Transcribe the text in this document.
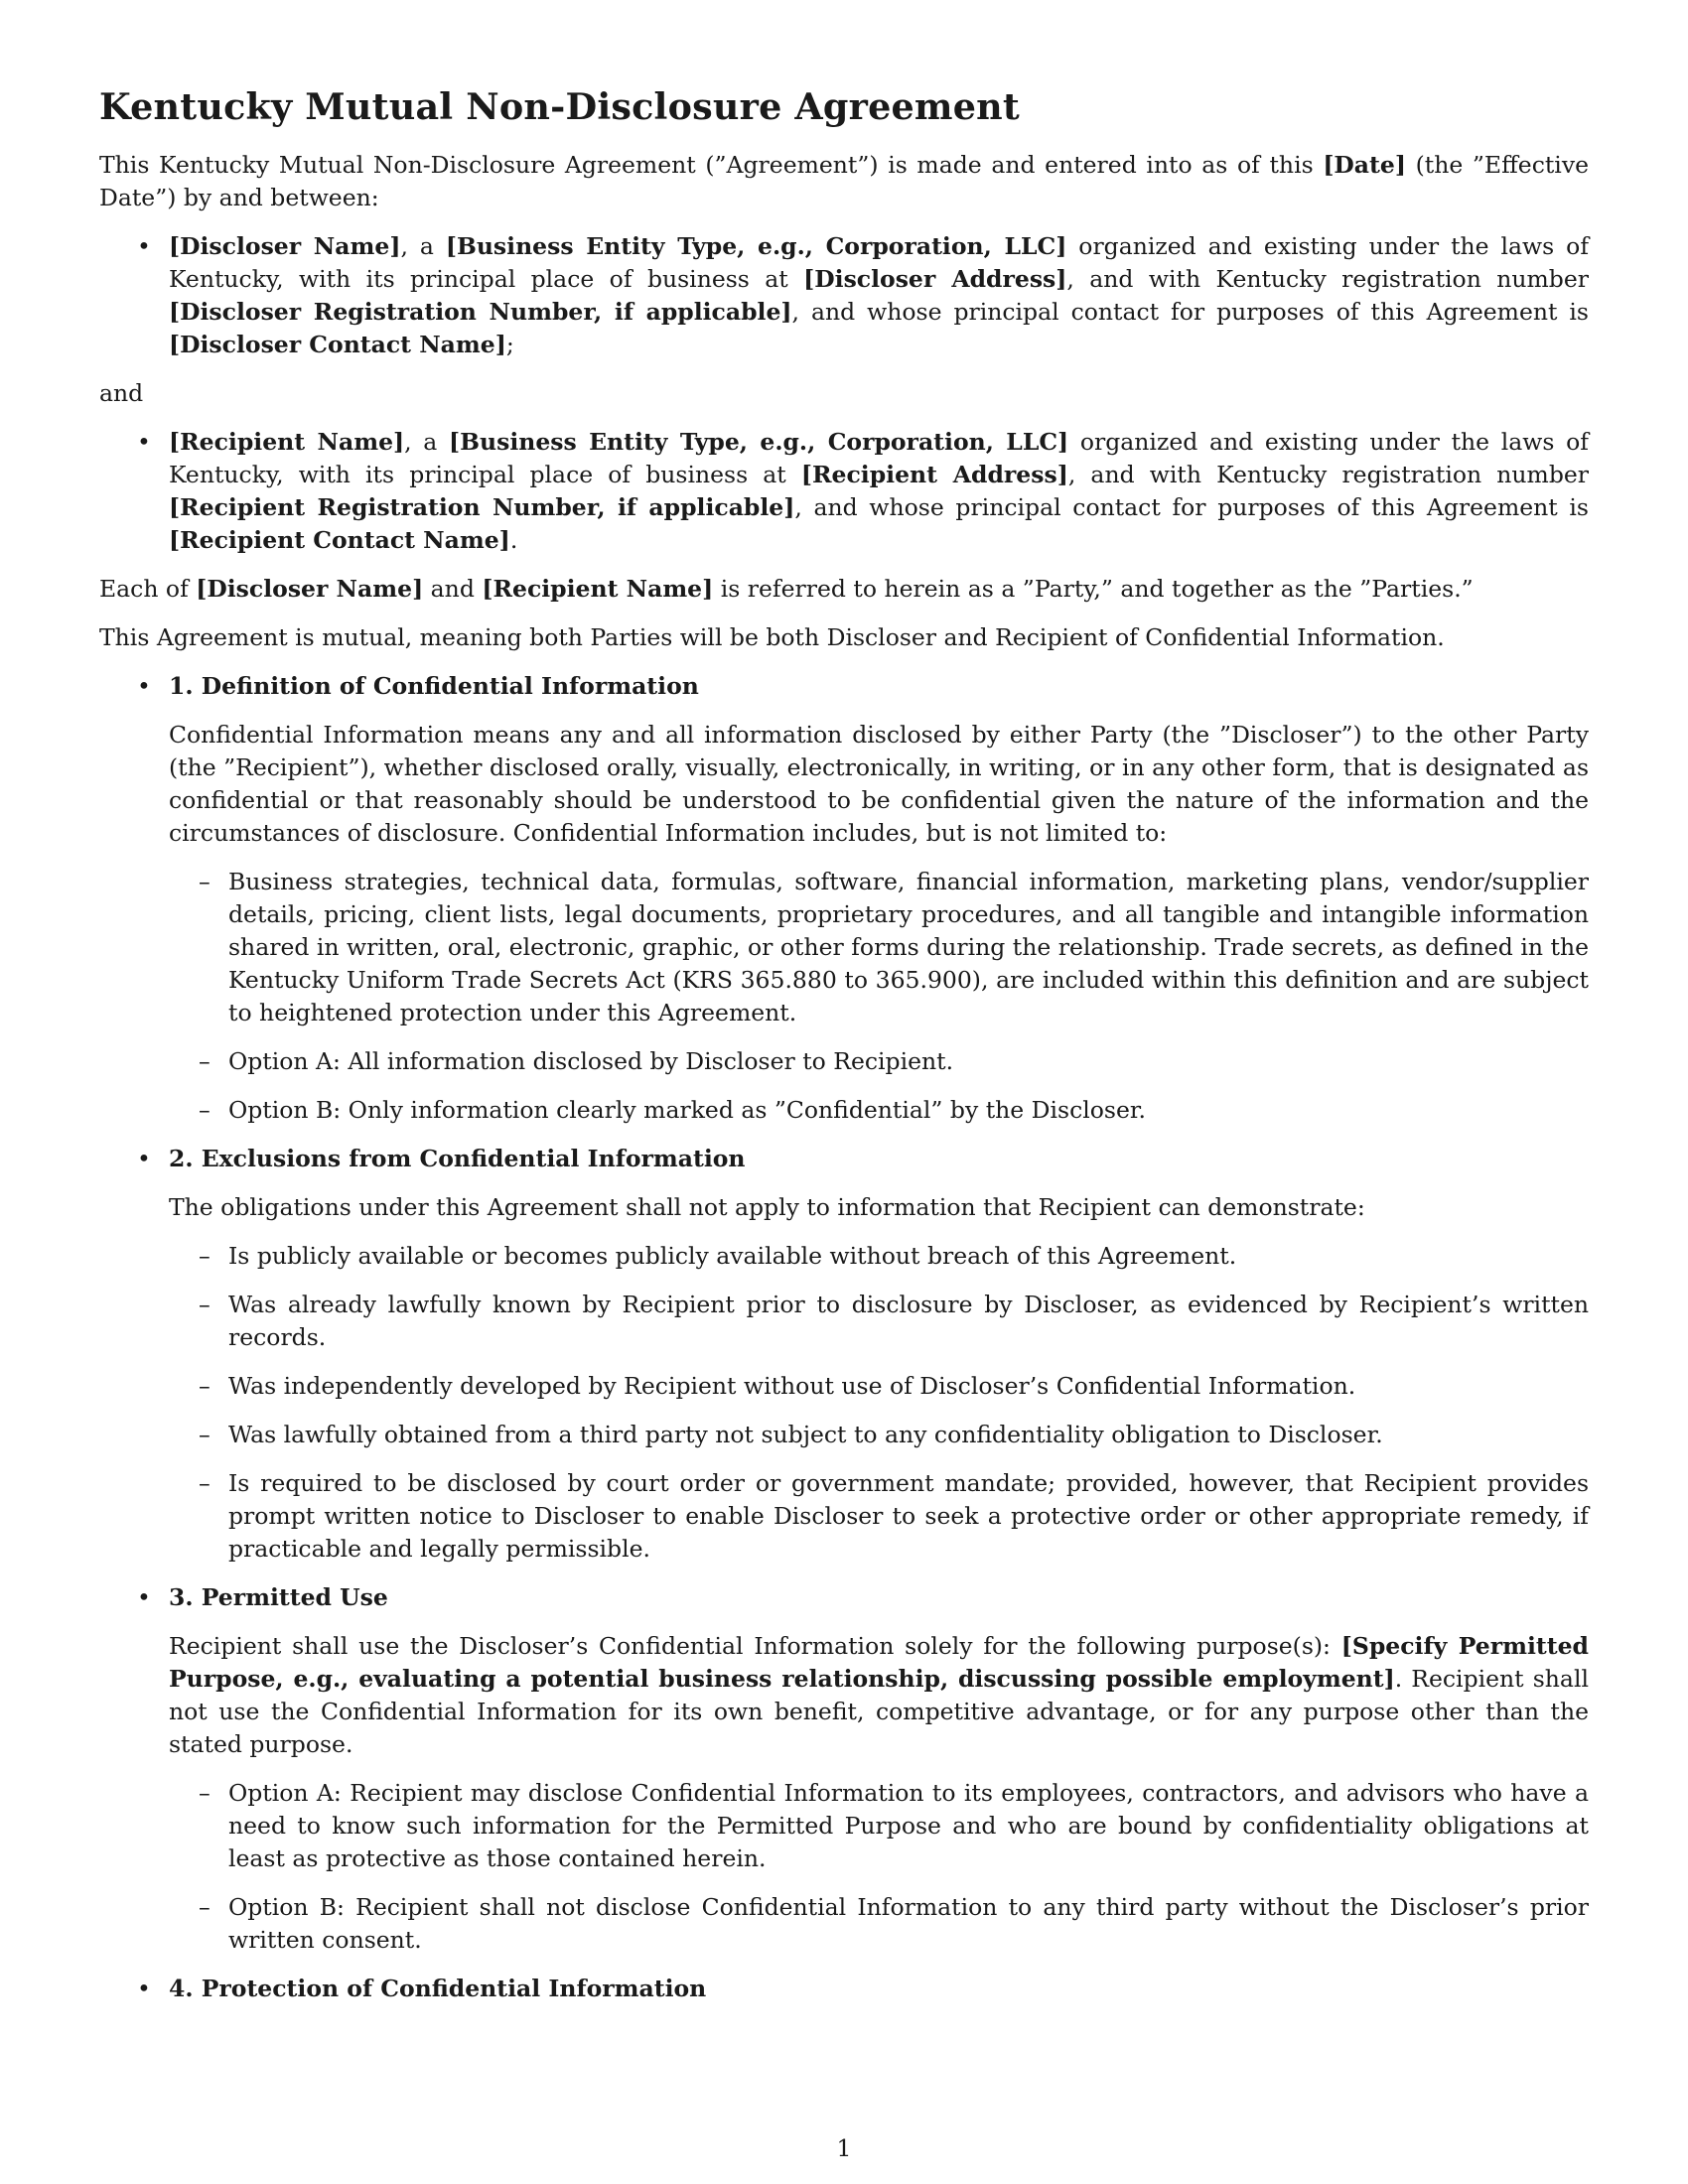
Kentucky Mutual Non-Disclosure Agreement

This Kentucky Mutual Non-Disclosure Agreement (”Agreement”) is made and entered into as of this [Date] (the ”Effective Date”) by and between:

• [Discloser Name], a [Business Entity Type, e.g., Corporation, LLC] organized and existing under the laws of Kentucky, with its principal place of business at [Discloser Address], and with Kentucky registration number [Discloser Registration Number, if applicable], and whose principal contact for purposes of this Agreement is [Discloser Contact Name];

and

• [Recipient Name], a [Business Entity Type, e.g., Corporation, LLC] organized and existing under the laws of Kentucky, with its principal place of business at [Recipient Address], and with Kentucky registration number [Recipient Registration Number, if applicable], and whose principal contact for purposes of this Agreement is [Recipient Contact Name].

Each of [Discloser Name] and [Recipient Name] is referred to herein as a ”Party,” and together as the ”Parties.”

This Agreement is mutual, meaning both Parties will be both Discloser and Recipient of Confidential Information.

• 1. Definition of Confidential Information
Confidential Information means any and all information disclosed by either Party (the ”Discloser”) to the other Party (the ”Recipient”), whether disclosed orally, visually, electronically, in writing, or in any other form, that is designated as confidential or that reasonably should be understood to be confidential given the nature of the information and the circumstances of disclosure. Confidential Information includes, but is not limited to:
– Business strategies, technical data, formulas, software, financial information, marketing plans, vendor/supplier details, pricing, client lists, legal documents, proprietary procedures, and all tangible and intangible information shared in written, oral, electronic, graphic, or other forms during the relationship. Trade secrets, as defined in the Kentucky Uniform Trade Secrets Act (KRS 365.880 to 365.900), are included within this definition and are subject to heightened protection under this Agreement.
– Option A: All information disclosed by Discloser to Recipient.
– Option B: Only information clearly marked as ”Confidential” by the Discloser.
• 2. Exclusions from Confidential Information
The obligations under this Agreement shall not apply to information that Recipient can demonstrate:
– Is publicly available or becomes publicly available without breach of this Agreement.
– Was already lawfully known by Recipient prior to disclosure by Discloser, as evidenced by Recipient’s written records.
– Was independently developed by Recipient without use of Discloser’s Confidential Information.
– Was lawfully obtained from a third party not subject to any confidentiality obligation to Discloser.
– Is required to be disclosed by court order or government mandate; provided, however, that Recipient provides prompt written notice to Discloser to enable Discloser to seek a protective order or other appropriate remedy, if practicable and legally permissible.
• 3. Permitted Use
Recipient shall use the Discloser’s Confidential Information solely for the following purpose(s): [Specify Permitted Purpose, e.g., evaluating a potential business relationship, discussing possible employment]. Recipient shall not use the Confidential Information for its own benefit, competitive advantage, or for any purpose other than the stated purpose.
– Option A: Recipient may disclose Confidential Information to its employees, contractors, and advisors who have a need to know such information for the Permitted Purpose and who are bound by confidentiality obligations at least as protective as those contained herein.
– Option B: Recipient shall not disclose Confidential Information to any third party without the Discloser’s prior written consent.
• 4. Protection of Confidential Information
1
